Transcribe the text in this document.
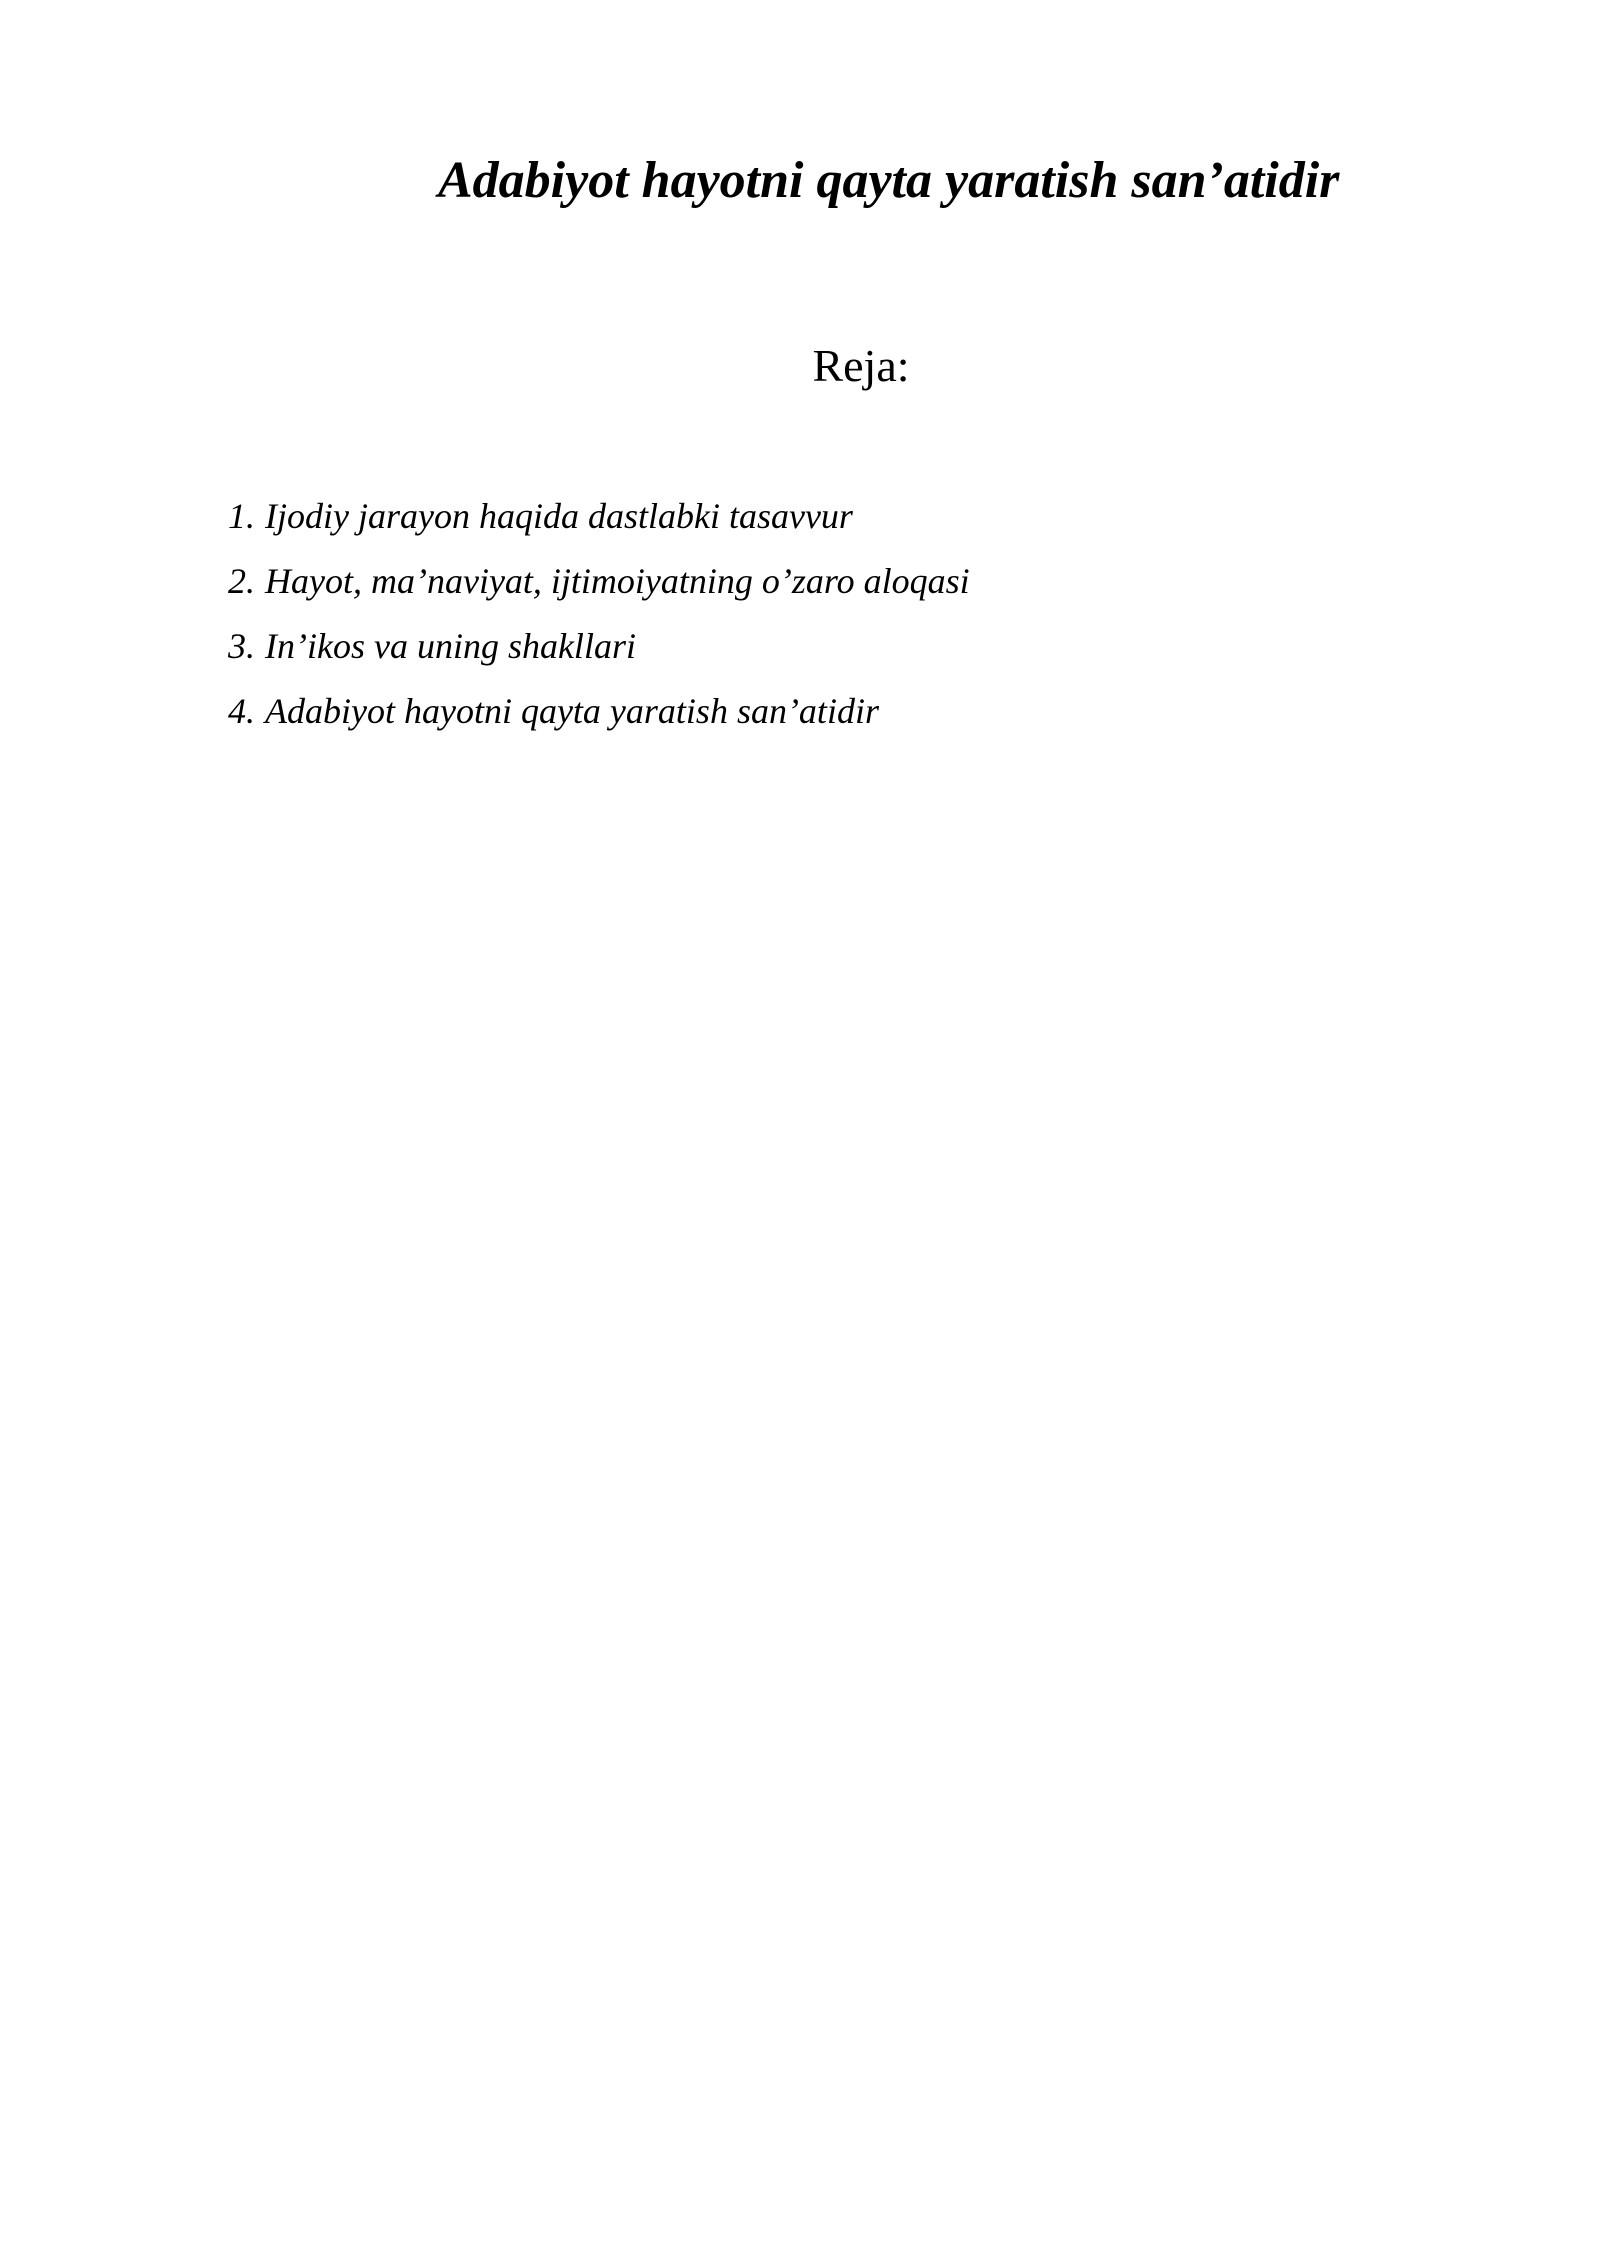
Adabiyot hayotni qayta yaratish san’atidir
Reja:
1. Ijodiy jarayon haqida dastlabki tasavvur
2. Hayot, ma’naviyat, ijtimoiyatning o’zaro aloqasi
3. In’ikos va uning shakllari
4. Adabiyot hayotni qayta yaratish san’atidir
